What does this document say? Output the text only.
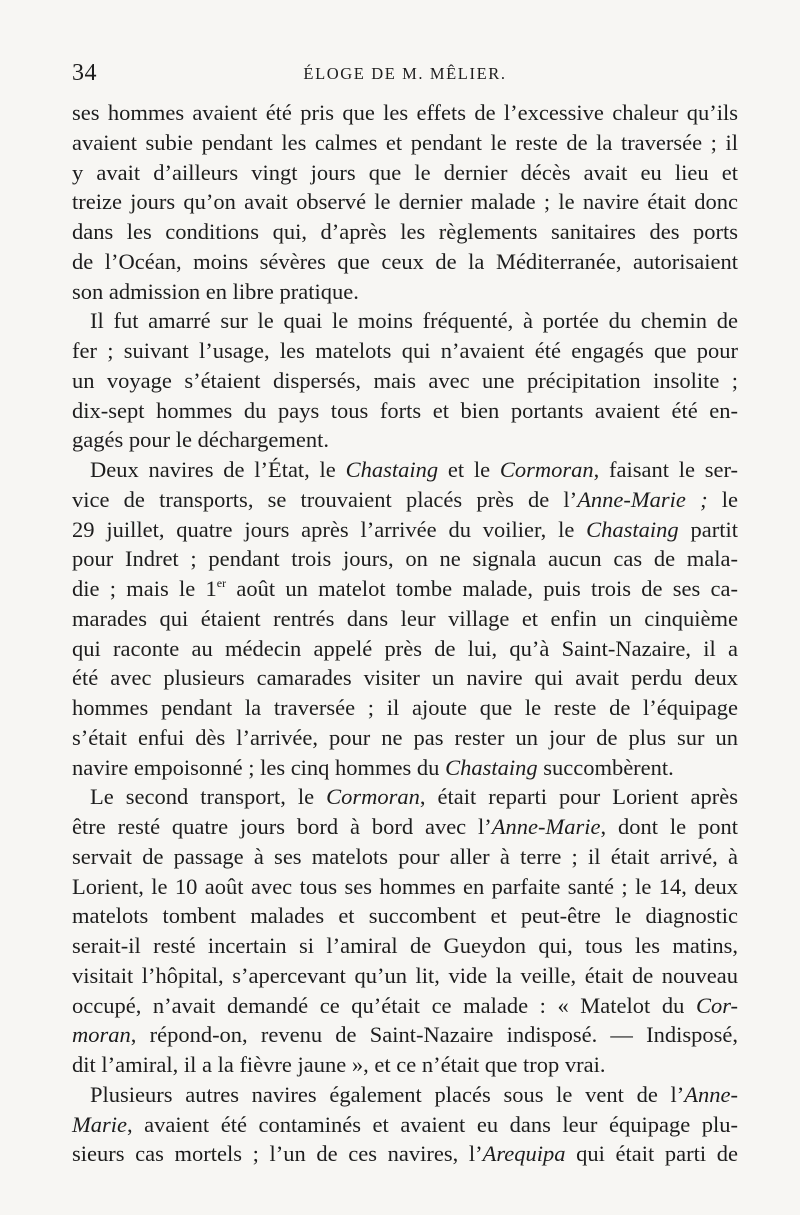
34	ÉLOGE DE M. MÊLIER.
ses hommes avaient été pris que les effets de l’excessive chaleur qu’ils
avaient subie pendant les calmes et pendant le reste de la traversée ; il
y avait d’ailleurs vingt jours que le dernier décès avait eu lieu et
treize jours qu’on avait observé le dernier malade ; le navire était donc
dans les conditions qui, d’après les règlements sanitaires des ports
de l’Océan, moins sévères que ceux de la Méditerranée, autorisaient
son admission en libre pratique.
Il fut amarré sur le quai le moins fréquenté, à portée du chemin de
fer ; suivant l’usage, les matelots qui n’avaient été engagés que pour
un voyage s’étaient dispersés, mais avec une précipitation insolite ;
dix-sept hommes du pays tous forts et bien portants avaient été en-
gagés pour le déchargement.
Deux navires de l’État, le Chastaing et le Cormoran, faisant le ser-
vice de transports, se trouvaient placés près de l’Anne-Marie ; le
29 juillet, quatre jours après l’arrivée du voilier, le Chastaing partit
pour Indret ; pendant trois jours, on ne signala aucun cas de mala-
die ; mais le 1er août un matelot tombe malade, puis trois de ses ca-
marades qui étaient rentrés dans leur village et enfin un cinquième
qui raconte au médecin appelé près de lui, qu’à Saint-Nazaire, il a
été avec plusieurs camarades visiter un navire qui avait perdu deux
hommes pendant la traversée ; il ajoute que le reste de l’équipage
s’était enfui dès l’arrivée, pour ne pas rester un jour de plus sur un
navire empoisonné ; les cinq hommes du Chastaing succombèrent.
Le second transport, le Cormoran, était reparti pour Lorient après
être resté quatre jours bord à bord avec l’Anne-Marie, dont le pont
servait de passage à ses matelots pour aller à terre ; il était arrivé, à
Lorient, le 10 août avec tous ses hommes en parfaite santé ; le 14, deux
matelots tombent malades et succombent et peut-être le diagnostic
serait-il resté incertain si l’amiral de Gueydon qui, tous les matins,
visitait l’hôpital, s’apercevant qu’un lit, vide la veille, était de nouveau
occupé, n’avait demandé ce qu’était ce malade : « Matelot du Cor-
moran, répond-on, revenu de Saint-Nazaire indisposé. — Indisposé,
dit l’amiral, il a la fièvre jaune », et ce n’était que trop vrai.
Plusieurs autres navires également placés sous le vent de l’Anne-
Marie, avaient été contaminés et avaient eu dans leur équipage plu-
sieurs cas mortels ; l’un de ces navires, l’Arequipa qui était parti de
